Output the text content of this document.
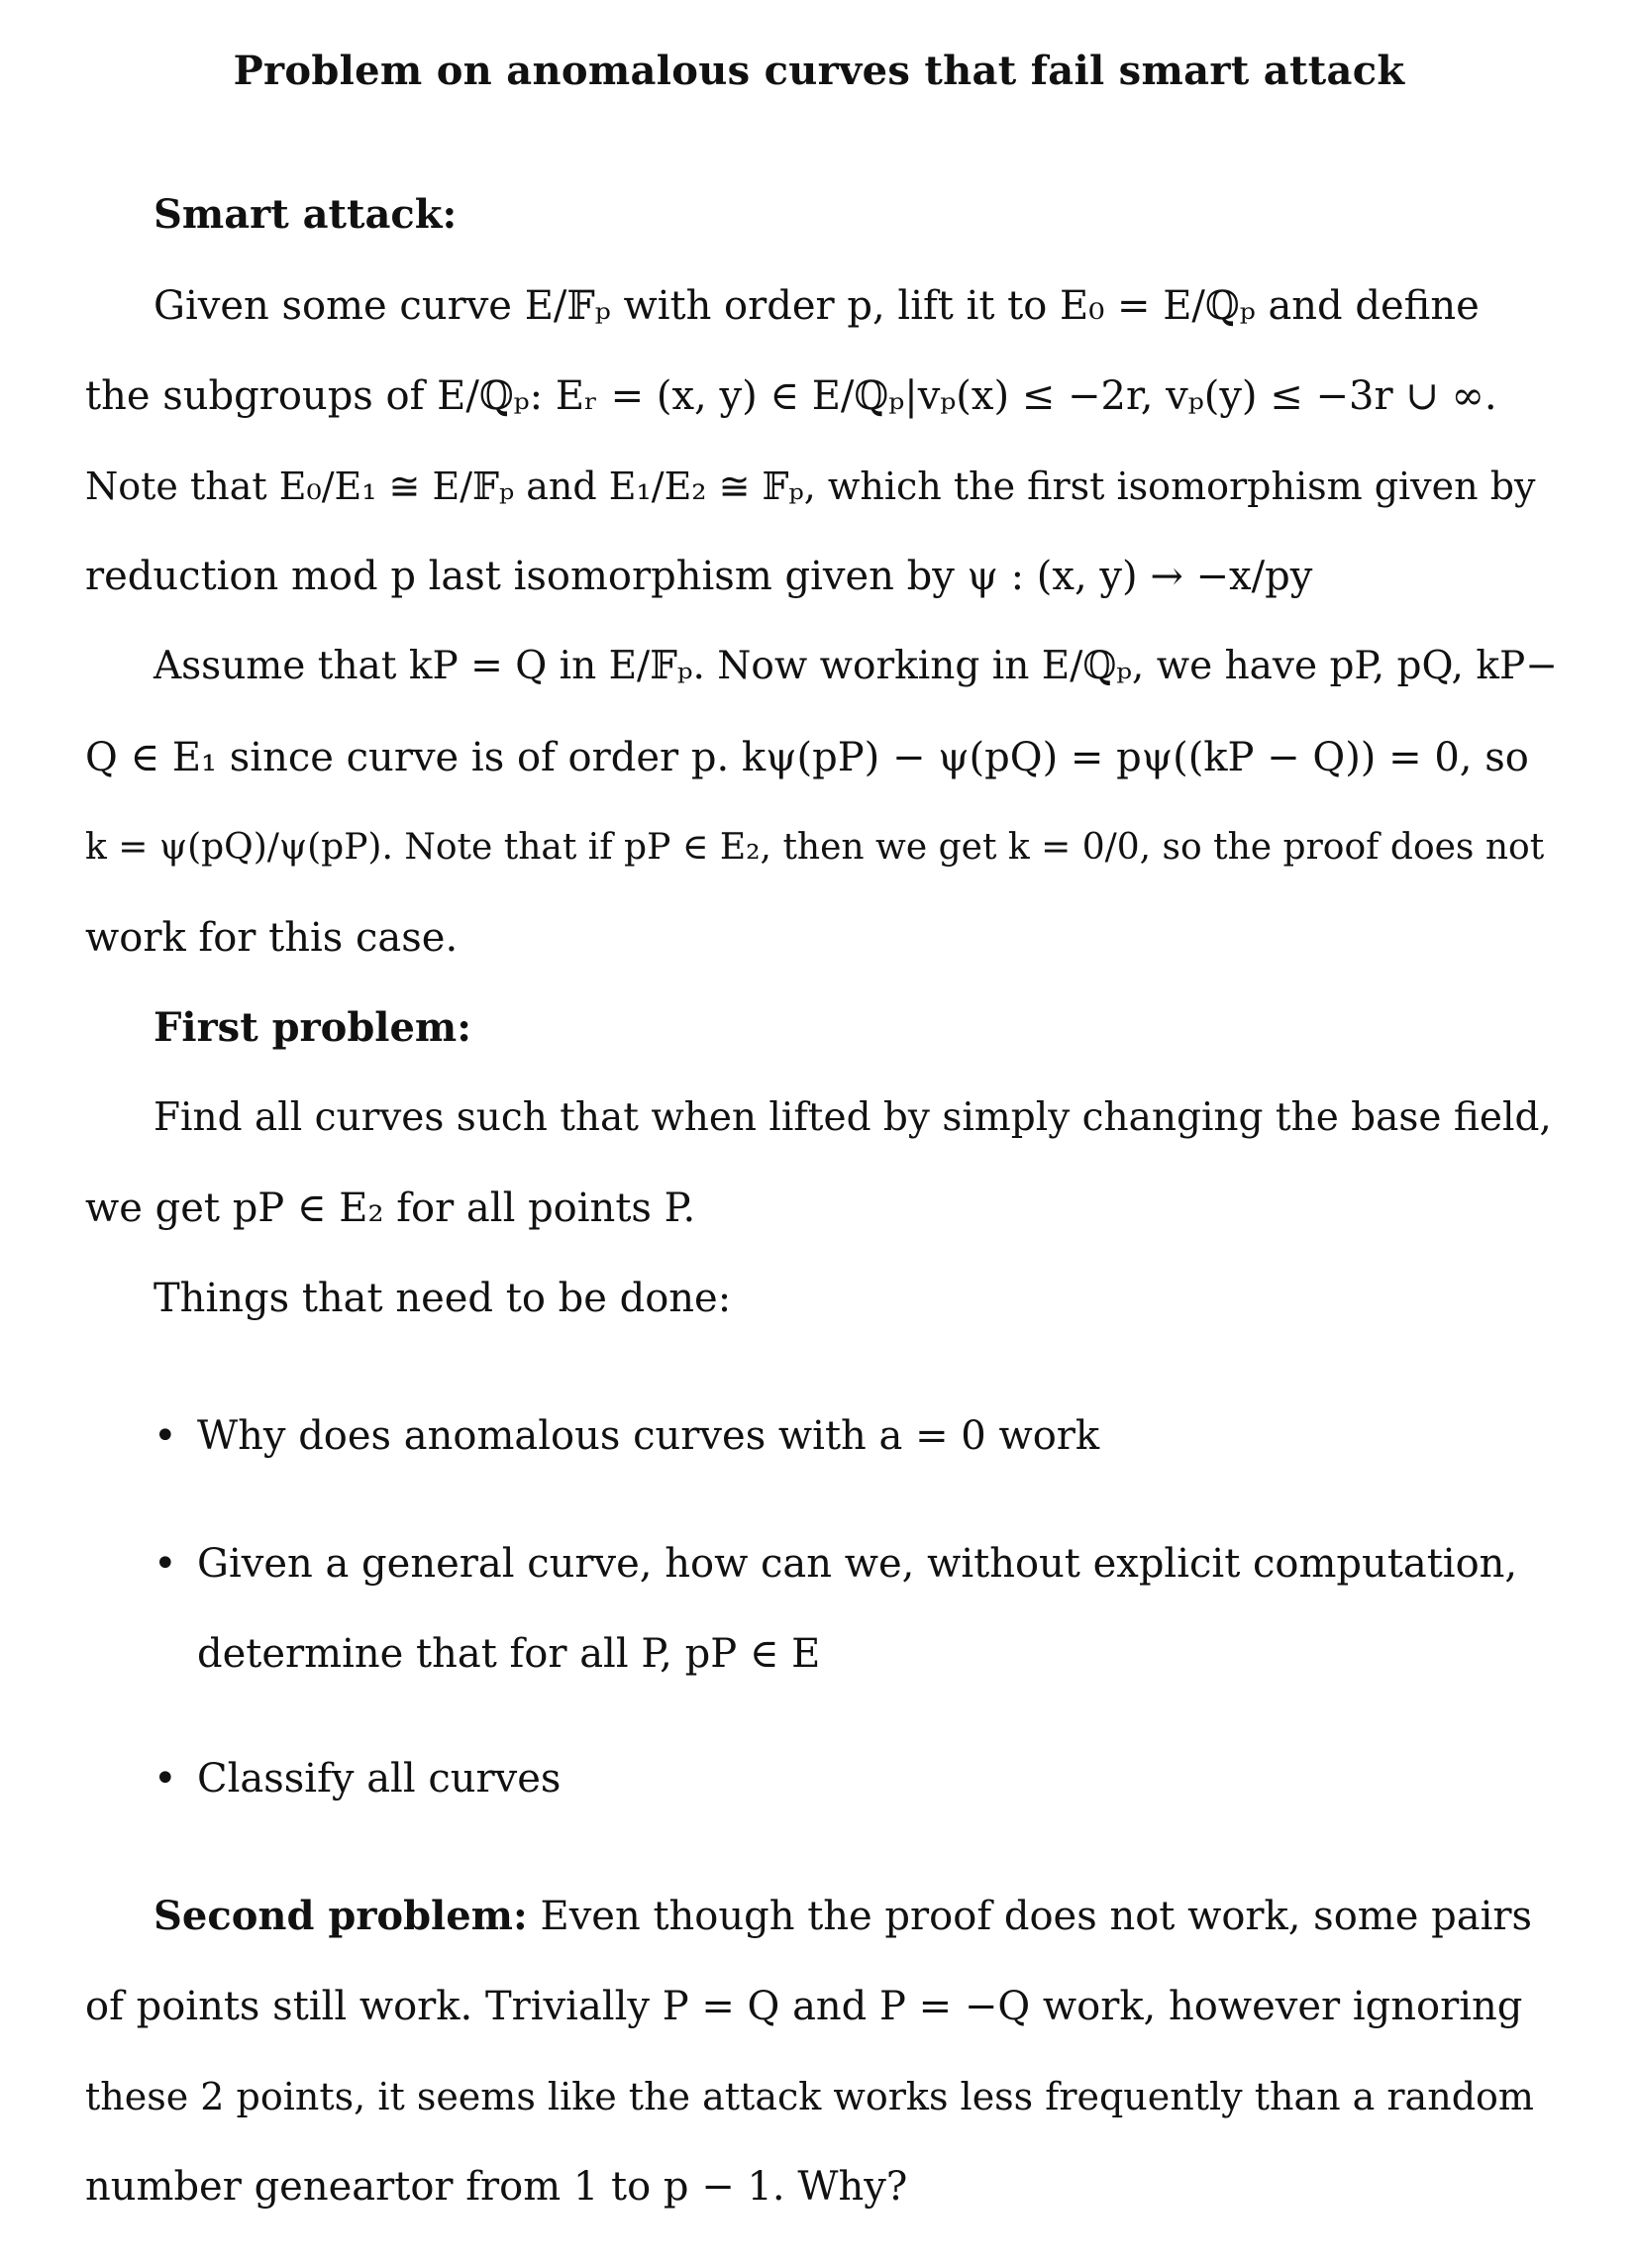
Problem on anomalous curves that fail smart attack
Smart attack:
Given some curve E/𝔽ₚ with order p, lift it to E₀ = E/ℚₚ and define
the subgroups of E/ℚₚ: Eᵣ = (x, y) ∈ E/ℚₚ|vₚ(x) ≤ −2r, vₚ(y) ≤ −3r ∪ ∞.
Note that E₀/E₁ ≅ E/𝔽ₚ and E₁/E₂ ≅ 𝔽ₚ, which the first isomorphism given by
reduction mod p last isomorphism given by ψ : (x, y) → −x/py
Assume that kP = Q in E/𝔽ₚ. Now working in E/ℚₚ, we have pP, pQ, kP−
Q ∈ E₁ since curve is of order p. kψ(pP) − ψ(pQ) = pψ((kP − Q)) = 0, so
k = ψ(pQ)/ψ(pP). Note that if pP ∈ E₂, then we get k = 0/0, so the proof does not
work for this case.
First problem:
Find all curves such that when lifted by simply changing the base field,
we get pP ∈ E₂ for all points P.
Things that need to be done:
• Why does anomalous curves with a = 0 work
• Given a general curve, how can we, without explicit computation,
determine that for all P, pP ∈ E
• Classify all curves
Second problem: Even though the proof does not work, some pairs
of points still work. Trivially P = Q and P = −Q work, however ignoring
these 2 points, it seems like the attack works less frequently than a random
number geneartor from 1 to p − 1. Why?
